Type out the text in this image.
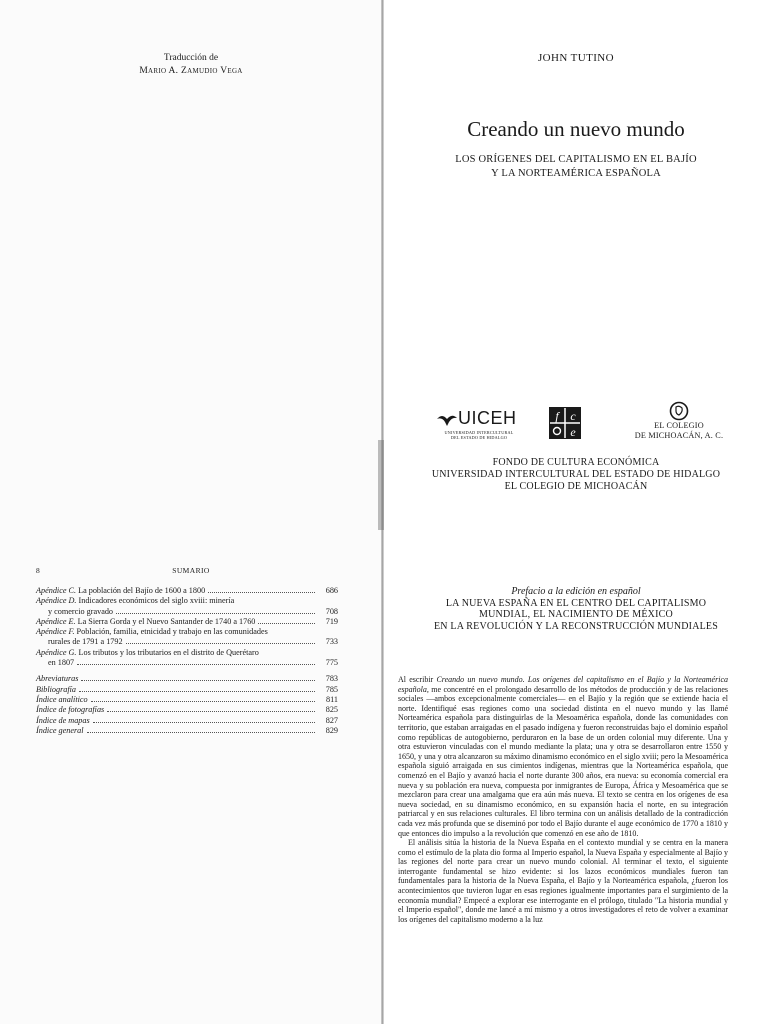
Traducción de
Mario A. Zamudio Vega
8	SUMARIO
Apéndice C. La población del Bajío de 1600 a 1800	686
Apéndice D. Indicadores económicos del siglo xviii: minería
y comercio gravado	708
Apéndice E. La Sierra Gorda y el Nuevo Santander de 1740 a 1760	719
Apéndice F. Población, familia, etnicidad y trabajo en las comunidades
rurales de 1791 a 1792	733
Apéndice G. Los tributos y los tributarios en el distrito de Querétaro
en 1807	775
Abreviaturas	783
Bibliografía	785
Índice analítico	811
Índice de fotografías	825
Índice de mapas	827
Índice general	829
JOHN TUTINO
Creando un nuevo mundo
LOS ORÍGENES DEL CAPITALISMO EN EL BAJÍO
Y LA NORTEAMÉRICA ESPAÑOLA
UICEH
UNIVERSIDAD INTERCULTURAL
DEL ESTADO DE HIDALGO
f c
e	EL COLEGIO
DE MICHOACÁN, A. C.
FONDO DE CULTURA ECONÓMICA
UNIVERSIDAD INTERCULTURAL DEL ESTADO DE HIDALGO
EL COLEGIO DE MICHOACÁN
Prefacio a la edición en español
LA NUEVA ESPAÑA EN EL CENTRO DEL CAPITALISMO
MUNDIAL, EL NACIMIENTO DE MÉXICO
EN LA REVOLUCIÓN Y LA RECONSTRUCCIÓN MUNDIALES

Al escribir Creando un nuevo mundo. Los orígenes del capitalismo en el Bajío y la Norteamérica española, me concentré en el prolongado desarrollo de los métodos de producción y de las relaciones sociales —ambos excepcionalmente comerciales— en el Bajío y la región que se extiende hacia el norte. Identifiqué esas regiones como una sociedad distinta en el nuevo mundo y las llamé Norteamérica española para distinguirlas de la Mesoamérica española, donde las comunidades con territorio, que estaban arraigadas en el pasado indígena y fueron reconstruidas bajo el dominio español como repúblicas de autogobierno, perduraron en la base de un orden colonial muy diferente. Una y otra estuvieron vinculadas con el mundo mediante la plata; una y otra se desarrollaron entre 1550 y 1650, y una y otra alcanzaron su máximo dinamismo económico en el siglo xviii; pero la Mesoamérica española siguió arraigada en sus cimientos indígenas, mientras que la Norteamérica española, que comenzó en el Bajío y avanzó hacia el norte durante 300 años, era nueva: su economía comercial era nueva y su población era nueva, compuesta por inmigrantes de Europa, África y Mesoamérica que se mezclaron para crear una amalgama que era aún más nueva. El texto se centra en los orígenes de esa nueva sociedad, en su dinamismo económico, en su expansión hacia el norte, en su integración patriarcal y en sus relaciones culturales. El libro termina con un análisis detallado de la contradicción cada vez más profunda que se diseminó por todo el Bajío durante el auge económico de 1770 a 1810 y que entonces dio impulso a la revolución que comenzó en ese año de 1810.

El análisis sitúa la historia de la Nueva España en el contexto mundial y se centra en la manera como el estímulo de la plata dio forma al Imperio español, la Nueva España y especialmente al Bajío y las regiones del norte para crear un nuevo mundo colonial. Al terminar el texto, el siguiente interrogante fundamental se hizo evidente: si los lazos económicos mundiales fueron tan fundamentales para la historia de la Nueva España, el Bajío y la Norteamérica española, ¿fueron los acontecimientos que tuvieron lugar en esas regiones igualmente importantes para el surgimiento de la economía mundial? Empecé a explorar ese interrogante en el prólogo, titulado "La historia mundial y el Imperio español", donde me lancé a mí mismo y a otros investigadores el reto de volver a examinar los orígenes del capitalismo moderno a la luz
